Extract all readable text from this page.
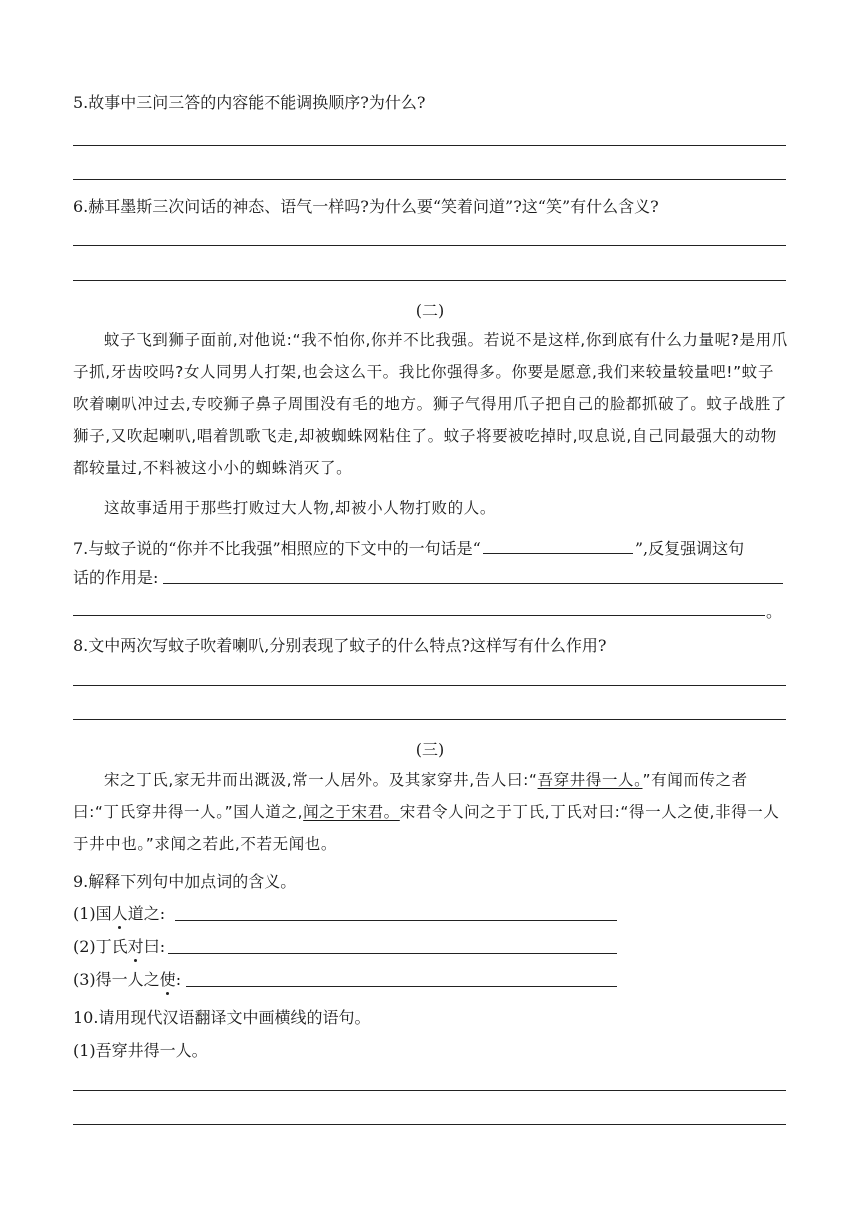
5.故事中三问三答的内容能不能调换顺序?为什么?
6.赫耳墨斯三次问话的神态、语气一样吗?为什么要“笑着问道”?这“笑”有什么含义?
(二)
蚊子飞到狮子面前,对他说:“我不怕你,你并不比我强。若说不是这样,你到底有什么力量呢?是用爪子抓,牙齿咬吗?女人同男人打架,也会这么干。我比你强得多。你要是愿意,我们来较量较量吧!”蚊子吹着喇叭冲过去,专咬狮子鼻子周围没有毛的地方。狮子气得用爪子把自己的脸都抓破了。蚊子战胜了狮子,又吹起喇叭,唱着凯歌飞走,却被蜘蛛网粘住了。蚊子将要被吃掉时,叹息说,自己同最强大的动物都较量过,不料被这小小的蜘蛛消灭了。
这故事适用于那些打败过大人物,却被小人物打败的人。
7.与蚊子说的“你并不比我强”相照应的下文中的一句话是“	”,反复强调这句
话的作用是:
。
8.文中两次写蚊子吹着喇叭,分别表现了蚊子的什么特点?这样写有什么作用?
(三)
宋之丁氏,家无井而出溉汲,常一人居外。及其家穿井,告人曰:“吾穿井得一人。”有闻而传之者曰:“丁氏穿井得一人。”国人道之,闻之于宋君。宋君令人问之于丁氏,丁氏对曰:“得一人之使,非得一人于井中也。”求闻之若此,不若无闻也。
9.解释下列句中加点词的含义。
(1)国人道之:
(2)丁氏对曰:
(3)得一人之使:
10.请用现代汉语翻译文中画横线的语句。
(1)吾穿井得一人。
